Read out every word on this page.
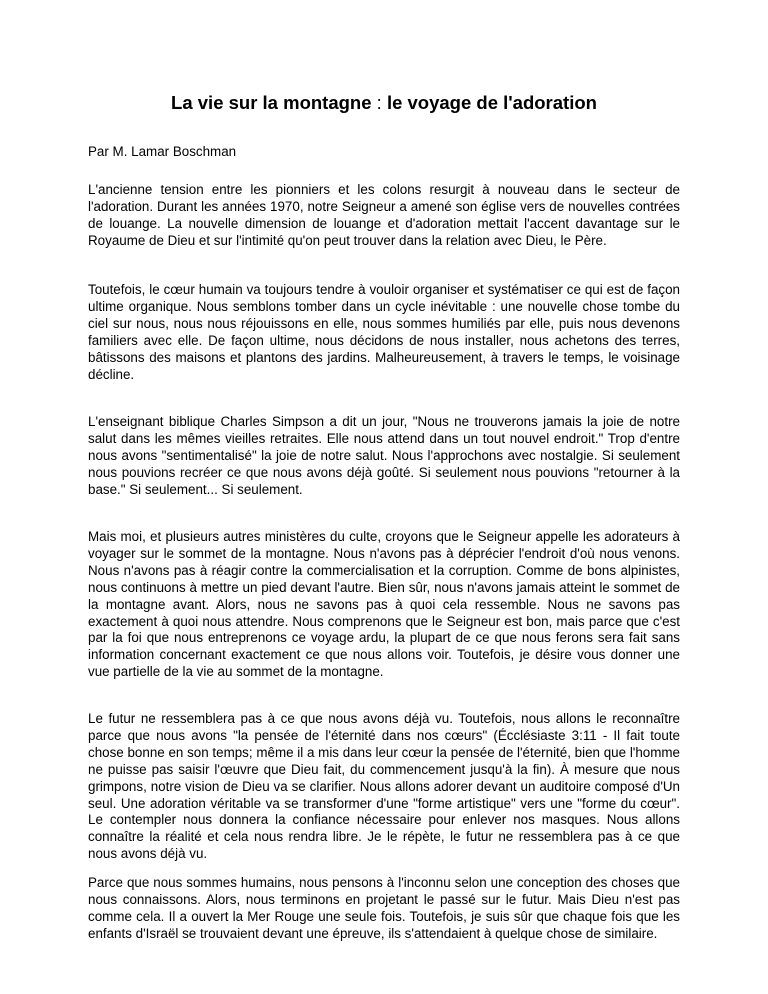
La vie sur la montagne : le voyage de l'adoration

Par M. Lamar Boschman

L'ancienne tension entre les pionniers et les colons resurgit à nouveau dans le secteur de l'adoration. Durant les années 1970, notre Seigneur a amené son église vers de nouvelles contrées de louange. La nouvelle dimension de louange et d'adoration mettait l'accent davantage sur le Royaume de Dieu et sur l'intimité qu'on peut trouver dans la relation avec Dieu, le Père.

Toutefois, le cœur humain va toujours tendre à vouloir organiser et systématiser ce qui est de façon ultime organique. Nous semblons tomber dans un cycle inévitable : une nouvelle chose tombe du ciel sur nous, nous nous réjouissons en elle, nous sommes humiliés par elle, puis nous devenons familiers avec elle. De façon ultime, nous décidons de nous installer, nous achetons des terres, bâtissons des maisons et plantons des jardins. Malheureusement, à travers le temps, le voisinage décline.

L'enseignant biblique Charles Simpson a dit un jour, "Nous ne trouverons jamais la joie de notre salut dans les mêmes vieilles retraites. Elle nous attend dans un tout nouvel endroit." Trop d'entre nous avons "sentimentalisé" la joie de notre salut. Nous l'approchons avec nostalgie. Si seulement nous pouvions recréer ce que nous avons déjà goûté. Si seulement nous pouvions "retourner à la base." Si seulement... Si seulement.

Mais moi, et plusieurs autres ministères du culte, croyons que le Seigneur appelle les adorateurs à voyager sur le sommet de la montagne. Nous n'avons pas à déprécier l'endroit d'où nous venons. Nous n'avons pas à réagir contre la commercialisation et la corruption. Comme de bons alpinistes, nous continuons à mettre un pied devant l'autre. Bien sûr, nous n'avons jamais atteint le sommet de la montagne avant. Alors, nous ne savons pas à quoi cela ressemble. Nous ne savons pas exactement à quoi nous attendre. Nous comprenons que le Seigneur est bon, mais parce que c'est par la foi que nous entreprenons ce voyage ardu, la plupart de ce que nous ferons sera fait sans information concernant exactement ce que nous allons voir. Toutefois, je désire vous donner une vue partielle de la vie au sommet de la montagne.

Le futur ne ressemblera pas à ce que nous avons déjà vu. Toutefois, nous allons le reconnaître parce que nous avons "la pensée de l'éternité dans nos cœurs" (Écclésiaste 3:11 - Il fait toute chose bonne en son temps; même il a mis dans leur cœur la pensée de l'éternité, bien que l'homme ne puisse pas saisir l'œuvre que Dieu fait, du commencement jusqu'à la fin). À mesure que nous grimpons, notre vision de Dieu va se clarifier. Nous allons adorer devant un auditoire composé d'Un seul. Une adoration véritable va se transformer d'une "forme artistique" vers une "forme du cœur". Le contempler nous donnera la confiance nécessaire pour enlever nos masques. Nous allons connaître la réalité et cela nous rendra libre. Je le répète, le futur ne ressemblera pas à ce que nous avons déjà vu.

Parce que nous sommes humains, nous pensons à l'inconnu selon une conception des choses que nous connaissons. Alors, nous terminons en projetant le passé sur le futur. Mais Dieu n'est pas comme cela. Il a ouvert la Mer Rouge une seule fois. Toutefois, je suis sûr que chaque fois que les enfants d'Israël se trouvaient devant une épreuve, ils s'attendaient à quelque chose de similaire.
